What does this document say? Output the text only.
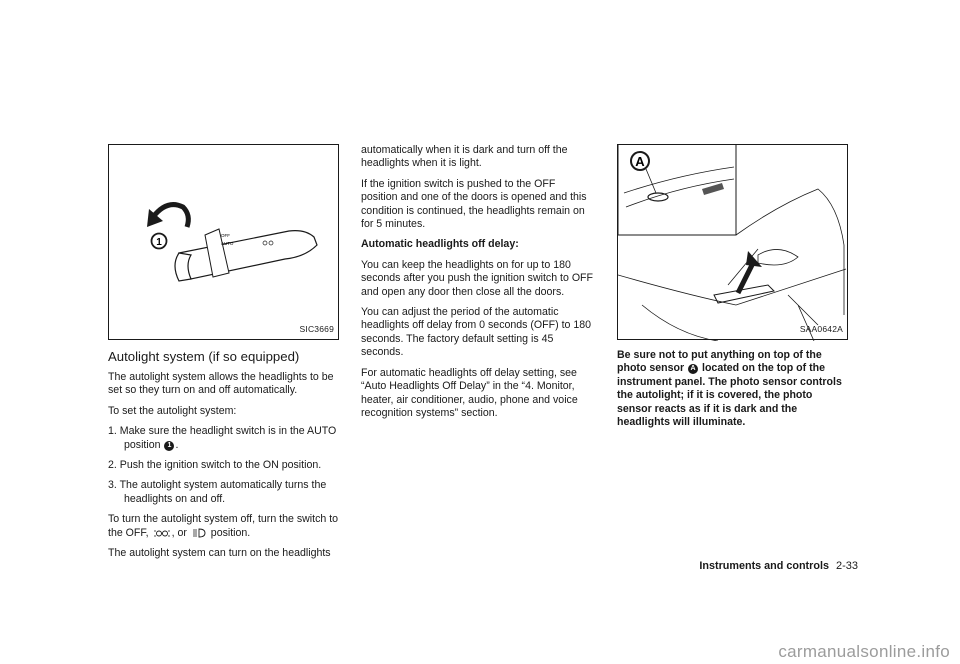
1
OFF
AUTO
SIC3669
Autolight system (if so equipped)

The autolight system allows the headlights to be set so they turn on and off automatically.

To set the autolight system:

1. Make sure the headlight switch is in the AUTO position 1 .

2. Push the ignition switch to the ON position.

3. The autolight system automatically turns the headlights on and off.

To turn the autolight system off, turn the switch to the OFF, , or position.

The autolight system can turn on the headlights

automatically when it is dark and turn off the headlights when it is light.

If the ignition switch is pushed to the OFF position and one of the doors is opened and this condition is continued, the headlights remain on for 5 minutes.

Automatic headlights off delay:

You can keep the headlights on for up to 180 seconds after you push the ignition switch to OFF and open any door then close all the doors.

You can adjust the period of the automatic headlights off delay from 0 seconds (OFF) to 180 seconds. The factory default setting is 45 seconds.

For automatic headlights off delay setting, see “Auto Headlights Off Delay” in the “4. Monitor, heater, air conditioner, audio, phone and voice recognition systems” section.

A
SAA0642A

Be sure not to put anything on top of the photo sensor A located on the top of the instrument panel. The photo sensor controls the autolight; if it is covered, the photo sensor reacts as if it is dark and the headlights will illuminate.

Instruments and controls 2-33
carmanualsonline.info
